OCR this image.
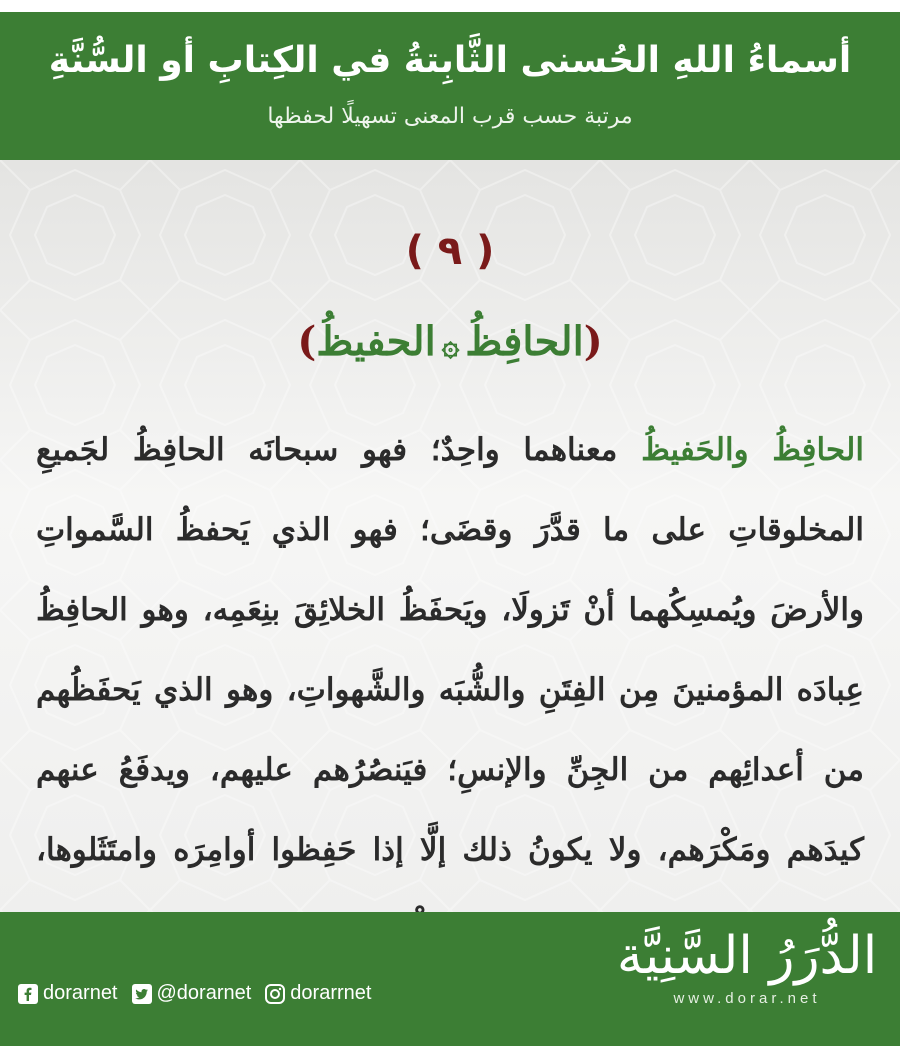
أسماءُ اللهِ الحُسنى الثَّابِتةُ في الكِتابِ أو السُّنَّةِ
مرتبة حسب قرب المعنى تسهيلًا لحفظها
( ٩ )
(الحافِظُ۞الحفيظُ)
الحافِظُ والحَفيظُ معناهما واحِدٌ؛ فهو سبحانَه الحافِظُ لجَميعِ المخلوقاتِ على ما قدَّرَ وقضَى؛ فهو الذي يَحفظُ السَّمواتِ والأرضَ ويُمسِكُهما أنْ تَزولَا، ويَحفَظُ الخلائِقَ بنِعَمِه، وهو الحافِظُ عِبادَه المؤمنينَ مِن الفِتَنِ والشُّبَه والشَّهواتِ، وهو الذي يَحفَظُهم من أعدائِهم من الجِنِّ والإنسِ؛ فيَنصُرُهم عليهم، ويدفَعُ عنهم كيدَهم ومَكْرَهم، ولا يكونُ ذلك إلَّا إذا حَفِظوا أوامِرَه وامتَثَلوها،
dorarnet @dorarnet dorarrnet
الدُّرَرُ السَّنِيَّة
www.dorar.net
